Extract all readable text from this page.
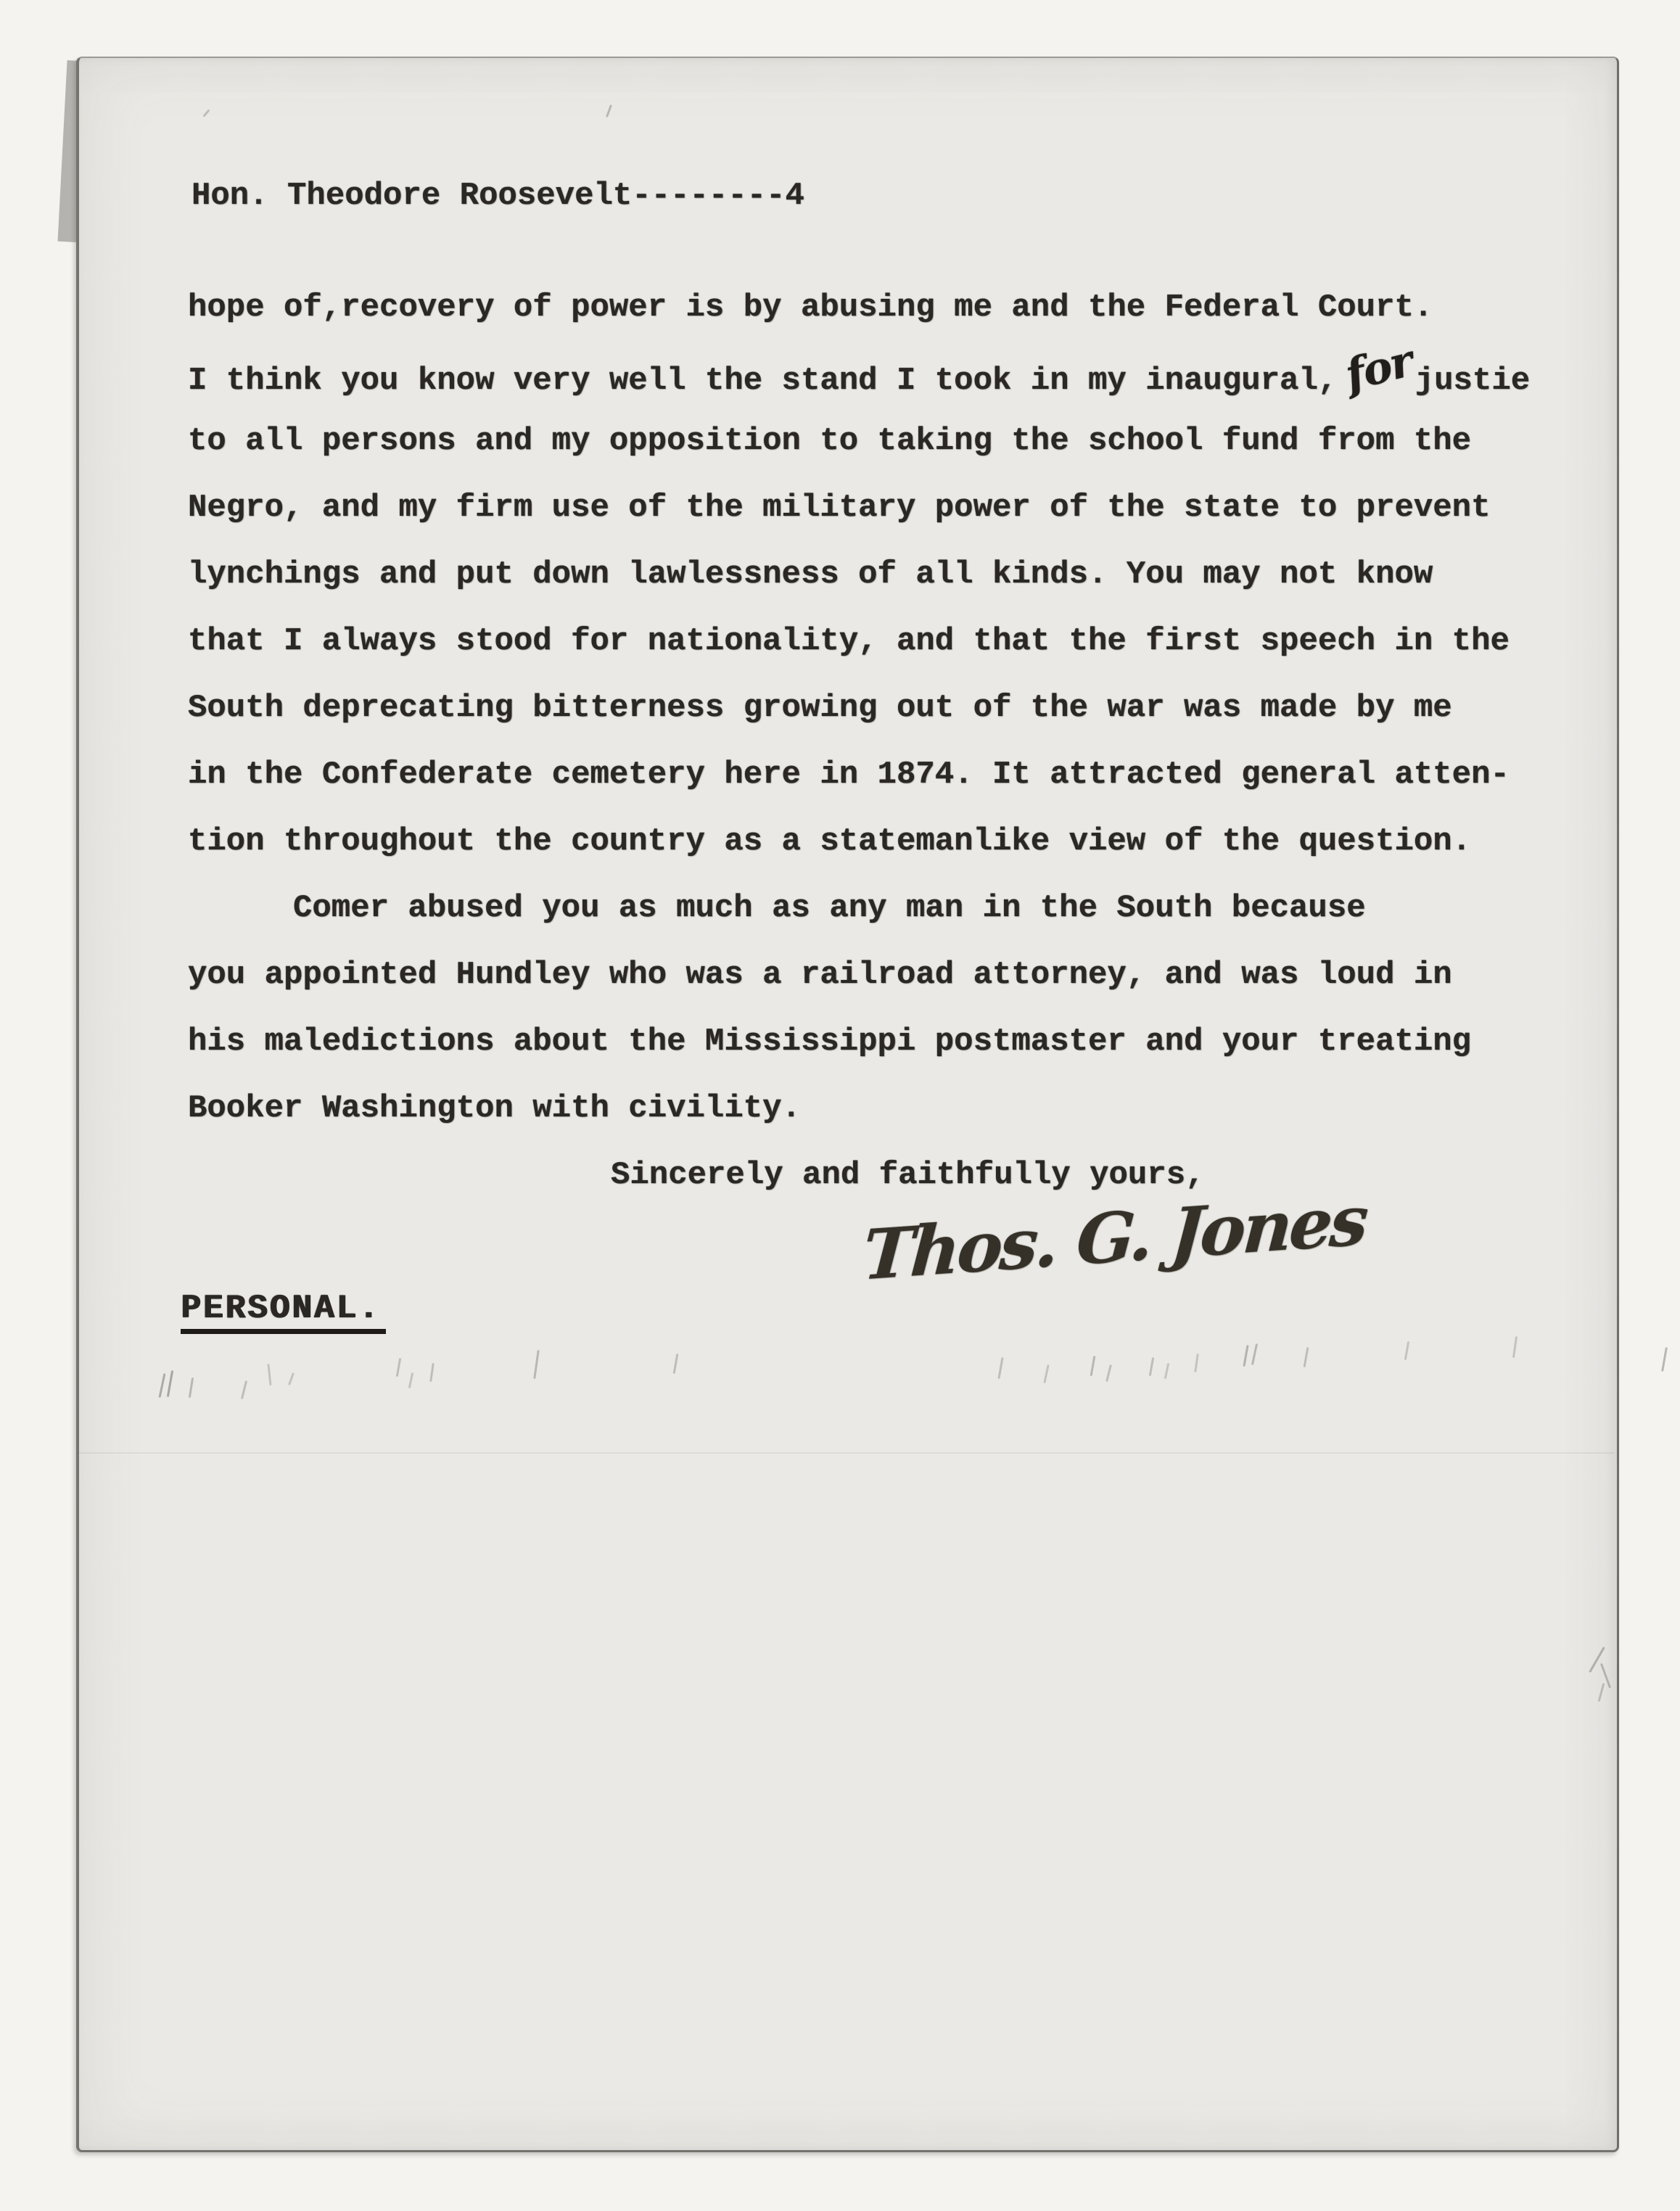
Hon. Theodore Roosevelt--------4
hope of,recovery of power is by abusing me and the Federal Court.
I think you know very well the stand I took in my inaugural,forjustie
to all persons and my opposition to taking the school fund from the
Negro, and my firm use of the military power of the state to prevent
lynchings and put down lawlessness of all kinds. You may not know
that I always stood for nationality, and that the first speech in the
South deprecating bitterness growing out of the war was made by me
in the Confederate cemetery here in 1874. It attracted general atten-
tion throughout the country as a statemanlike view of the question.
Comer abused you as much as any man in the South because
you appointed Hundley who was a railroad attorney, and was loud in
his maledictions about the Mississippi postmaster and your treating
Booker Washington with civility.
Sincerely and faithfully yours,
Thos. G. Jones
PERSONAL.
